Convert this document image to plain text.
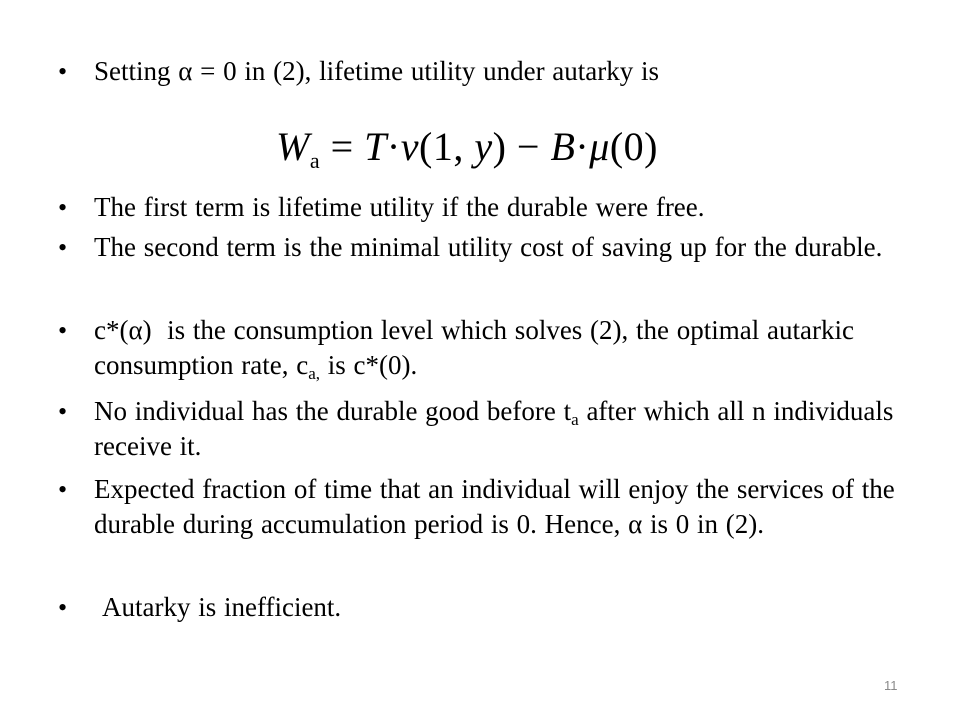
• Setting α = 0 in (2), lifetime utility under autarky is
$W_a = T\cdot v(1$, y) − B·μ(0)
• The first term is lifetime utility if the durable were free.
• The second term is the minimal utility cost of saving up for the durable.
• c*(α)  is the consumption level which solves (2), the optimal autarkic consumption rate, $c_{a,}$ is c*(0).
• No individual has the durable good before $t_a$ after which all n individuals receive it.
• Expected fraction of time that an individual will enjoy the services of the durable during accumulation period is 0. Hence, α is 0 in (2).
• Autarky is inefficient.
11
